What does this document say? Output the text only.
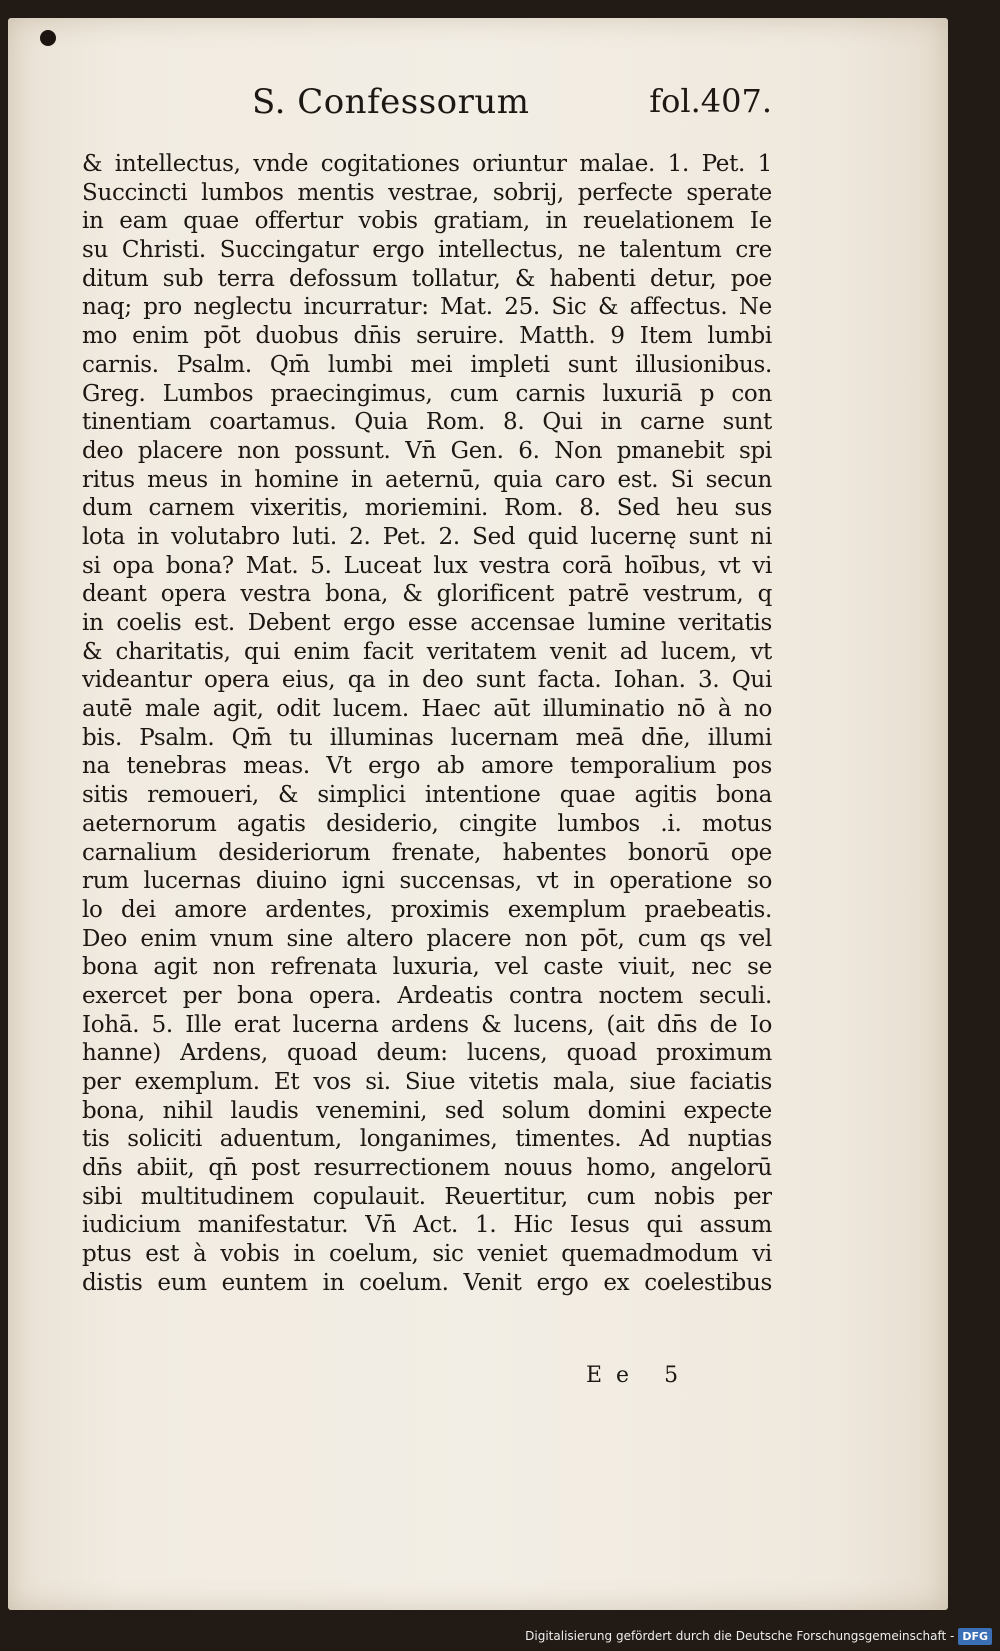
S. Confessorum	fol.407.
& intellectus, vnde cogitationes oriuntur malae. 1. Pet. 1
Succincti lumbos mentis vestrae, sobrij, perfecte sperate
in eam quae offertur vobis gratiam, in reuelationem Ie
su Christi. Succingatur ergo intellectus, ne talentum cre
ditum sub terra defossum tollatur, & habenti detur, poe
naq; pro neglectu incurratur: Mat. 25. Sic & affectus. Ne
mo enim pōt duobus dn̄is seruire. Matth. 9 Item lumbi
carnis. Psalm. Qm̄ lumbi mei impleti sunt illusionibus.
Greg. Lumbos praecingimus, cum carnis luxuriā p con
tinentiam coartamus. Quia Rom. 8. Qui in carne sunt
deo placere non possunt. Vn̄ Gen. 6. Non pmanebit spi
ritus meus in homine in aeternū, quia caro est. Si secun
dum carnem vixeritis, moriemini. Rom. 8. Sed heu sus
lota in volutabro luti. 2. Pet. 2. Sed quid lucernę sunt ni
si opa bona? Mat. 5. Luceat lux vestra corā hoībus, vt vi
deant opera vestra bona, & glorificent patrē vestrum, q
in coelis est. Debent ergo esse accensae lumine veritatis
& charitatis, qui enim facit veritatem venit ad lucem, vt
videantur opera eius, qa in deo sunt facta. Iohan. 3. Qui
autē male agit, odit lucem. Haec aūt illuminatio nō à no
bis. Psalm. Qm̄ tu illuminas lucernam meā dn̄e, illumi
na tenebras meas. Vt ergo ab amore temporalium pos
sitis remoueri, & simplici intentione quae agitis bona
aeternorum agatis desiderio, cingite lumbos .i. motus
carnalium desideriorum frenate, habentes bonorū ope
rum lucernas diuino igni succensas, vt in operatione so
lo dei amore ardentes, proximis exemplum praebeatis.
Deo enim vnum sine altero placere non pōt, cum qs vel
bona agit non refrenata luxuria, vel caste viuit, nec se
exercet per bona opera. Ardeatis contra noctem seculi.
Iohā. 5. Ille erat lucerna ardens & lucens, (ait dn̄s de Io
hanne) Ardens, quoad deum: lucens, quoad proximum
per exemplum. Et vos si. Siue vitetis mala, siue faciatis
bona, nihil laudis venemini, sed solum domini expecte
tis soliciti aduentum, longanimes, timentes. Ad nuptias
dn̄s abiit, qn̄ post resurrectionem nouus homo, angelorū
sibi multitudinem copulauit. Reuertitur, cum nobis per
iudicium manifestatur. Vn̄ Act. 1. Hic Iesus qui assum
ptus est à vobis in coelum, sic veniet quemadmodum vi
distis eum euntem in coelum. Venit ergo ex coelestibus
Ee 5
Digitalisierung gefördert durch die Deutsche Forschungsgemeinschaft - DFG
